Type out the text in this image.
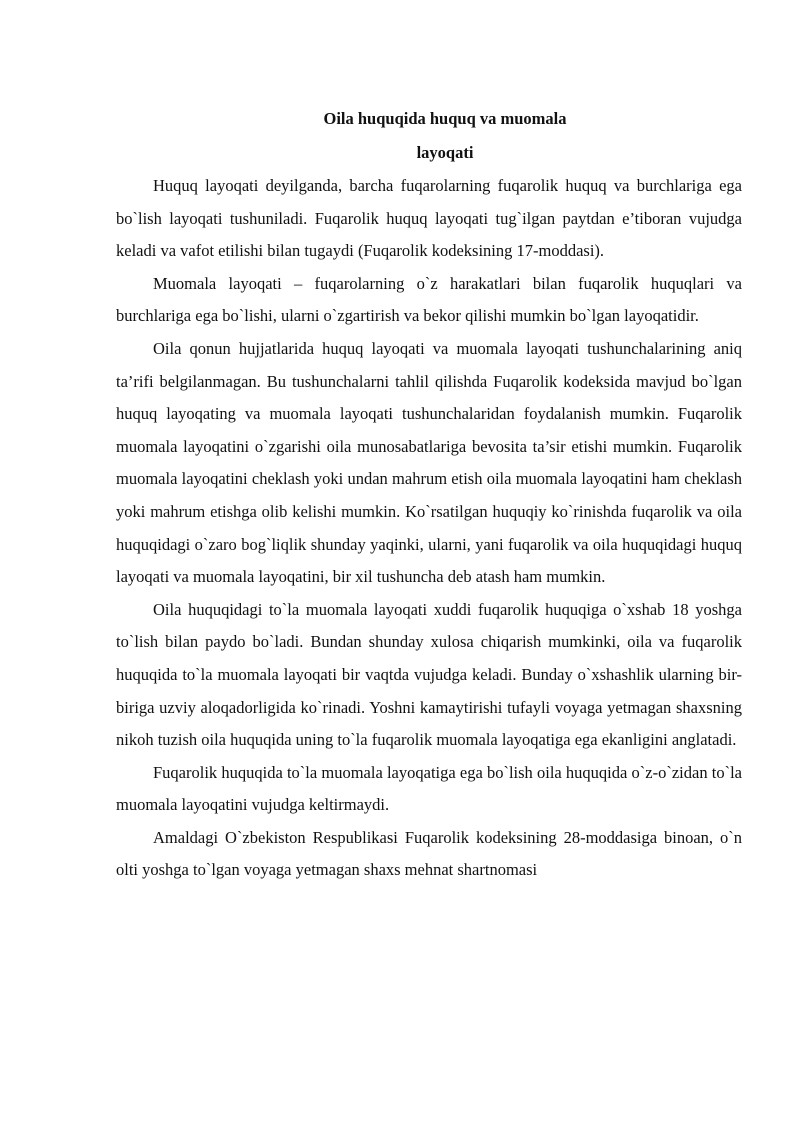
Oila huquqida huquq va muomala
layoqati

Huquq layoqati deyilganda, barcha fuqarolarning fuqarolik huquq va burchlariga ega bo`lish layoqati tushuniladi. Fuqarolik huquq layoqati tug`ilgan paytdan e’tiboran vujudga keladi va vafot etilishi bilan tugaydi (Fuqarolik kodeksining 17-moddasi).

Muomala layoqati – fuqarolarning o`z harakatlari bilan fuqarolik huquqlari va burchlariga ega bo`lishi, ularni o`zgartirish va bekor qilishi mumkin bo`lgan layoqatidir.

Oila qonun hujjatlarida huquq layoqati va muomala layoqati tushunchalarining aniq ta’rifi belgilanmagan. Bu tushunchalarni tahlil qilishda Fuqarolik kodeksida mavjud bo`lgan huquq layoqating va muomala layoqati tushunchalaridan foydalanish mumkin. Fuqarolik muomala layoqatini o`zgarishi oila munosabatlariga bevosita ta’sir etishi mumkin. Fuqarolik muomala layoqatini cheklash yoki undan mahrum etish oila muomala layoqatini ham cheklash yoki mahrum etishga olib kelishi mumkin. Ko`rsatilgan huquqiy ko`rinishda fuqarolik va oila huquqidagi o`zaro bog`liqlik shunday yaqinki, ularni, yani fuqarolik va oila huquqidagi huquq layoqati va muomala layoqatini, bir xil tushuncha deb atash ham mumkin.

Oila huquqidagi to`la muomala layoqati xuddi fuqarolik huquqiga o`xshab 18 yoshga to`lish bilan paydo bo`ladi. Bundan shunday xulosa chiqarish mumkinki, oila va fuqarolik huquqida to`la muomala layoqati bir vaqtda vujudga keladi. Bunday o`xshashlik ularning bir-biriga uzviy aloqadorligida ko`rinadi. Yoshni kamaytirishi tufayli voyaga yetmagan shaxsning nikoh tuzish oila huquqida uning to`la fuqarolik muomala layoqatiga ega ekanligini anglatadi.

Fuqarolik huquqida to`la muomala layoqatiga ega bo`lish oila huquqida o`z-o`zidan to`la muomala layoqatini vujudga keltirmaydi.

Amaldagi O`zbekiston Respublikasi Fuqarolik kodeksining 28-moddasiga binoan, o`n olti yoshga to`lgan voyaga yetmagan shaxs mehnat shartnomasi
